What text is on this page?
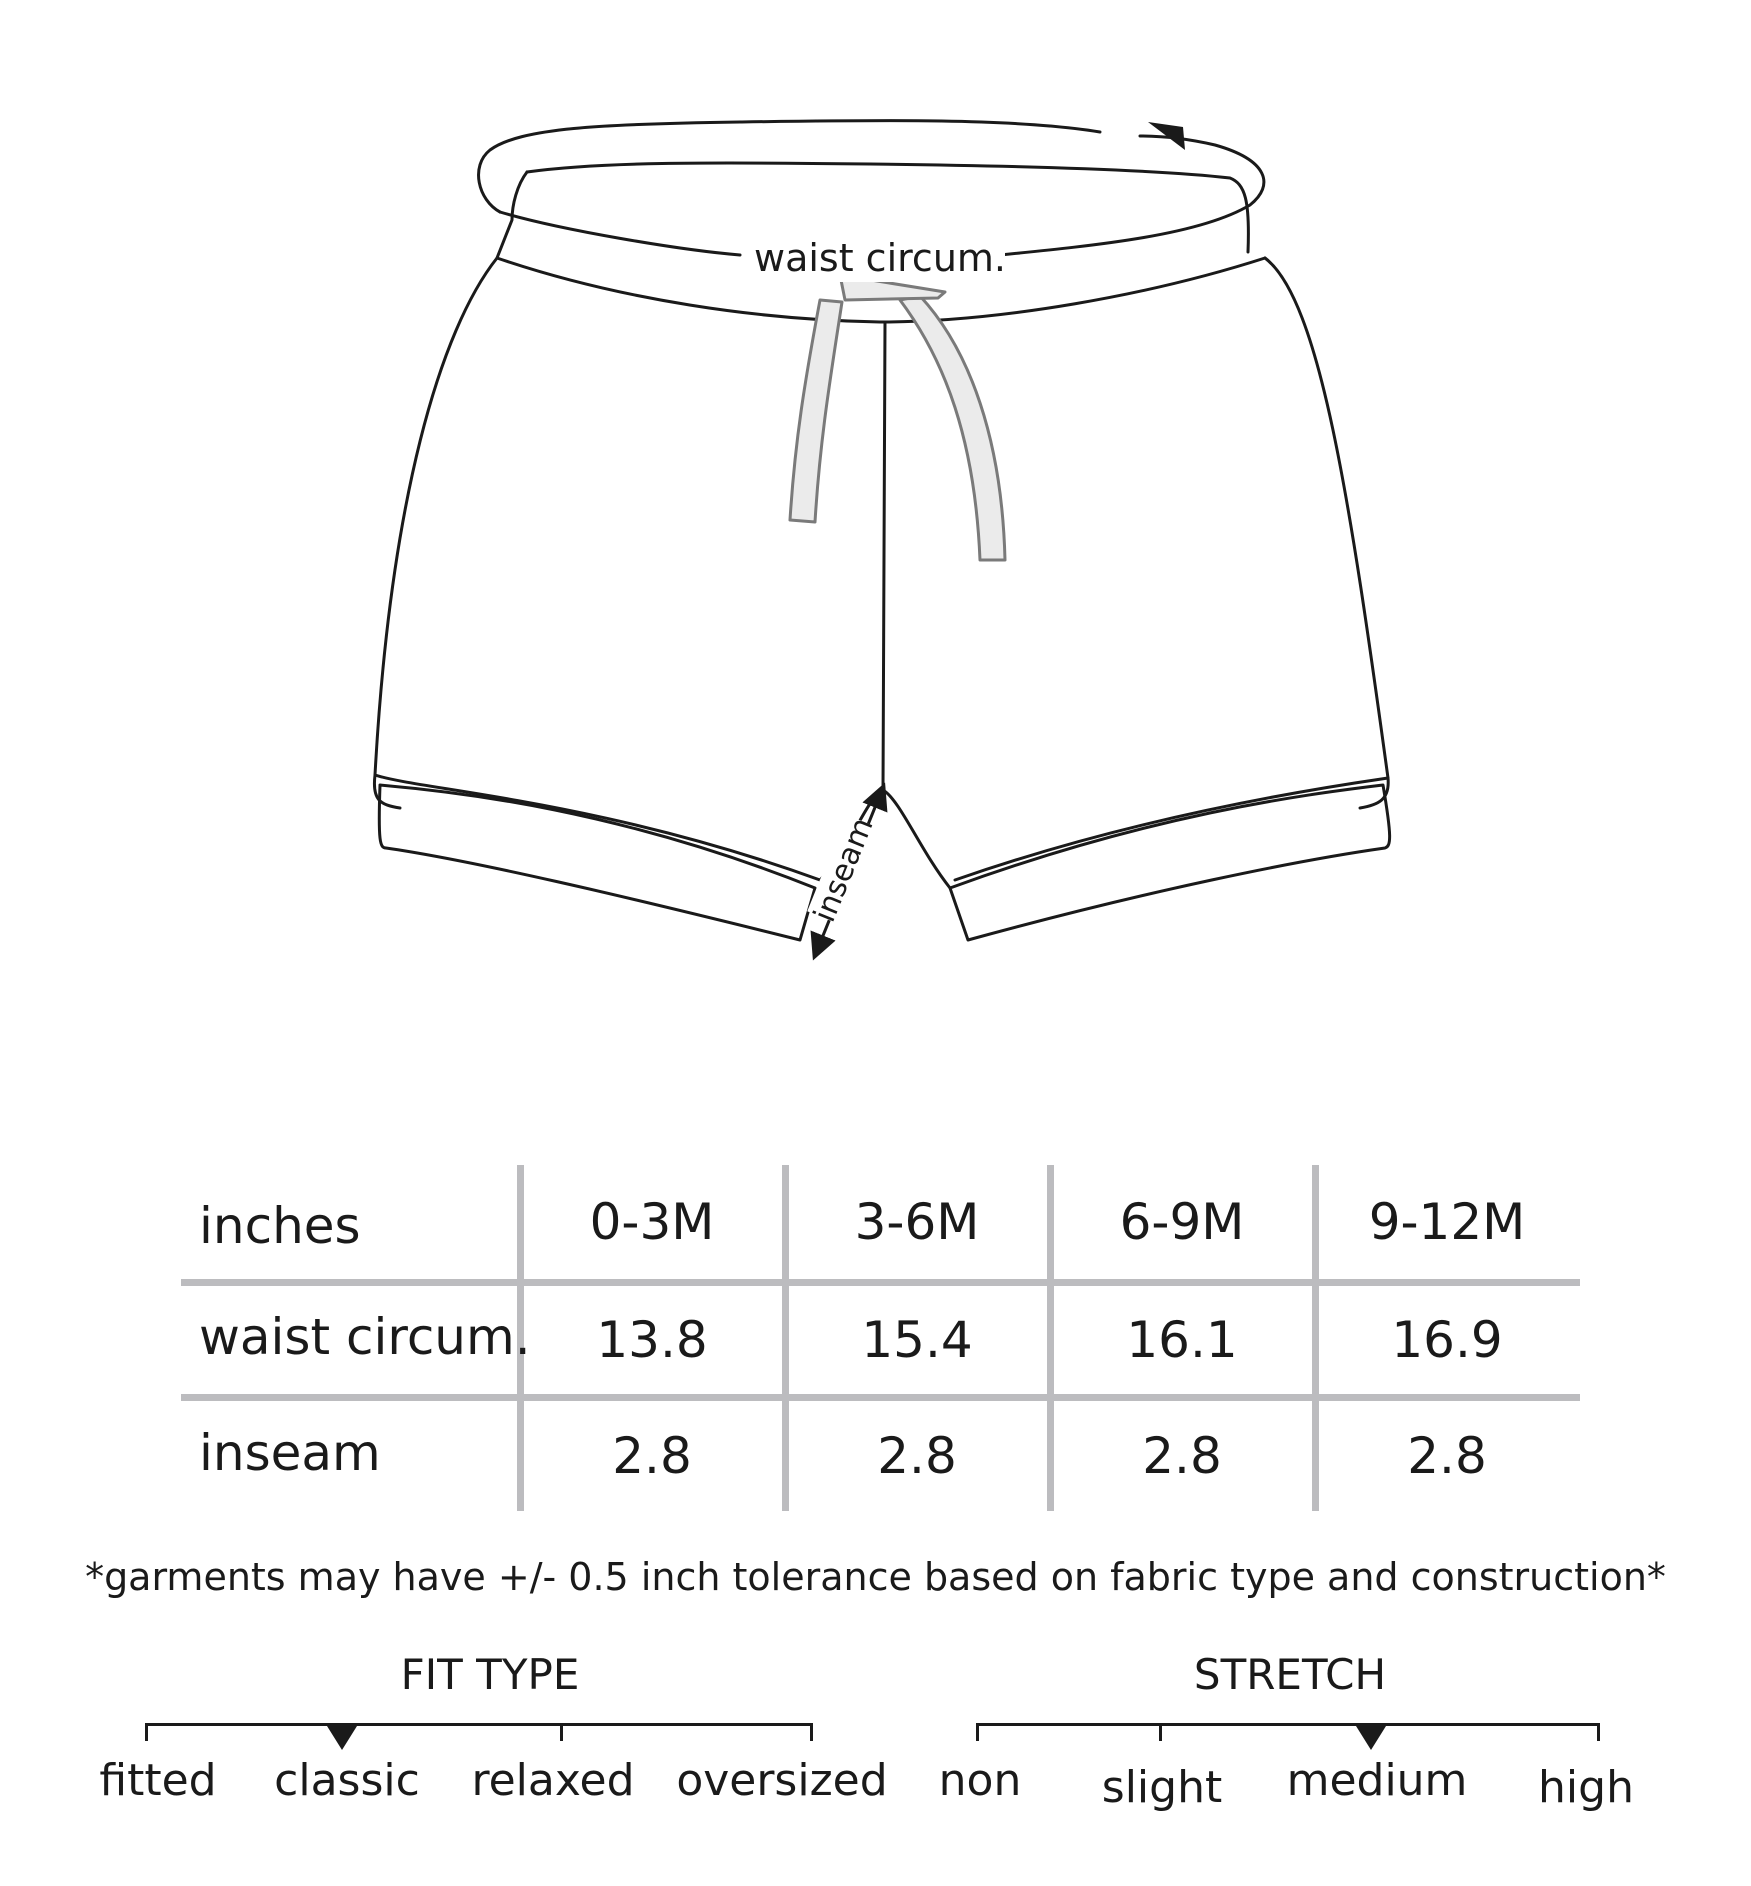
waist circum.
inseam
inches	0-3M	3-6M	6-9M	9-12M
waist circum.	13.8	15.4	16.1	16.9
inseam	2.8	2.8	2.8	2.8
*garments may have +/- 0.5 inch tolerance based on fabric type and construction*
FIT TYPE
fitted classic relaxed oversized
STRETCH
non slight medium high
